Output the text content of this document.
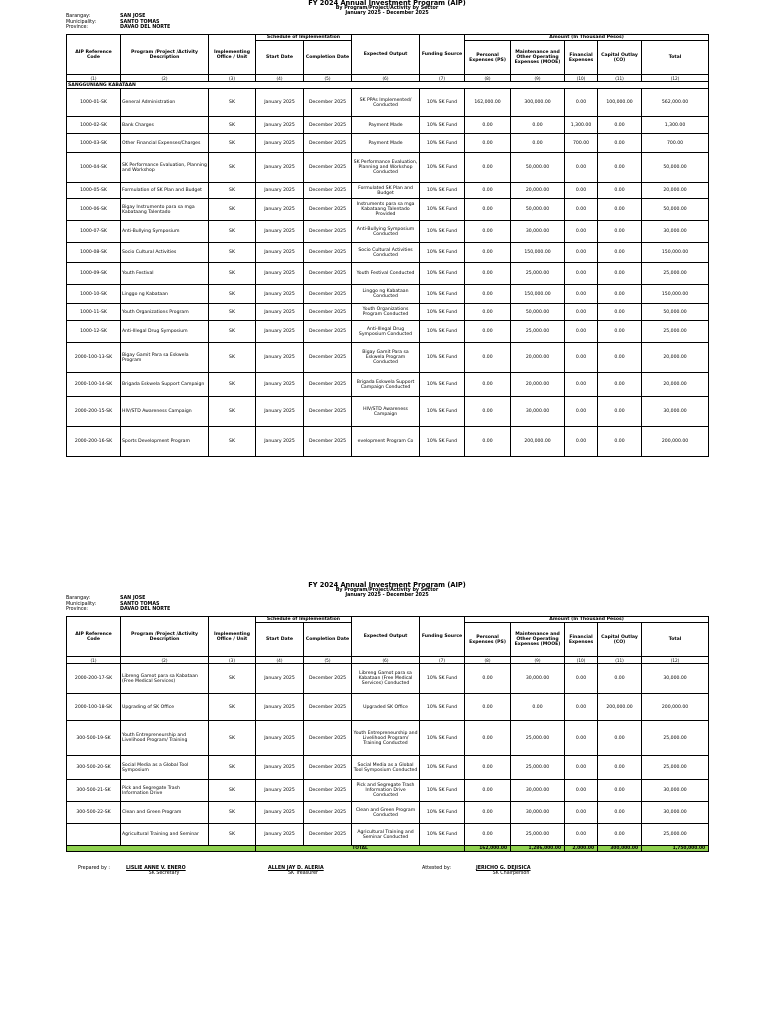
FY 2024 Annual Investment Program (AIP)
By Program/Project/Activity by Sector
January 2025 - December 2025
Barangay:	SAN JOSE
Municipality:	SANTO TOMAS
Province:	DAVAO DEL NORTE
AIP Reference Code	Program /Project /Activity Description	Implementing Office / Unit	Schedule of Implementation		Expected Output	Funding Source	Amount (In Thousand Pesos)				
			Start Date	Completion Date			Personal Expenses (PS)	Maintenance and Other Operating Expenses (MOOE)	Financial Expenses	Capital Outlay (CO)	Total
(1)	(2)	(3)	(4)	(5)	(6)	(7)	(8)	(9)	(10)	(11)	(12)
SANGGUNIANG KABATAAN											
1000-01-SK	General Administration	SK	January 2025	December 2025	SK PPAs Implemented/ Conducted	10% SK Fund	162,000.00	300,000.00	0.00	100,000.00	562,000.00
1000-02-SK	Bank Charges	SK	January 2025	December 2025	Payment Made	10% SK Fund	0.00	0.00	1,300.00	0.00	1,300.00
1000-03-SK	Other Financial Expenses/Charges	SK	January 2025	December 2025	Payment Made	10% SK Fund	0.00	0.00	700.00	0.00	700.00
1000-04-SK	SK Performance Evaluation, Planning and Workshop	SK	January 2025	December 2025	SK Performance Evaluation, Planning and Workshop Conducted	10% SK Fund	0.00	50,000.00	0.00	0.00	50,000.00
1000-05-SK	Formulation of SK Plan and Budget	SK	January 2025	December 2025	Formulated SK Plan and Budget	10% SK Fund	0.00	20,000.00	0.00	0.00	20,000.00
1000-06-SK	Bigay Instrumento para sa mga Kabataang Talentado	SK	January 2025	December 2025	Instruments para sa mga Kabataang Talentado Provided	10% SK Fund	0.00	50,000.00	0.00	0.00	50,000.00
1000-07-SK	Anti-Bullying Symposium	SK	January 2025	December 2025	Anti-Bullying Symposium Conducted	10% SK Fund	0.00	30,000.00	0.00	0.00	30,000.00
1000-08-SK	Socio Cultural Activities	SK	January 2025	December 2025	Socio Cultural Activities Conducted	10% SK Fund	0.00	150,000.00	0.00	0.00	150,000.00
1000-09-SK	Youth Festival	SK	January 2025	December 2025	Youth Festival Conducted	10% SK Fund	0.00	25,000.00	0.00	0.00	25,000.00
1000-10-SK	Linggo ng Kabataan	SK	January 2025	December 2025	Linggo ng Kabataan Conducted	10% SK Fund	0.00	150,000.00	0.00	0.00	150,000.00
1000-11-SK	Youth Organizations Program	SK	January 2025	December 2025	Youth Organizations Program Conducted	10% SK Fund	0.00	50,000.00	0.00	0.00	50,000.00
1000-12-SK	Anti-Illegal Drug Symposium	SK	January 2025	December 2025	Anti-Illegal Drug Symposium Conducted	10% SK Fund	0.00	25,000.00	0.00	0.00	25,000.00
2000-100-13-SK	Bigay Gamit Para sa Eskwela Program	SK	January 2025	December 2025	Bigay Gamit Para sa Eskwela Program Conducted	10% SK Fund	0.00	20,000.00	0.00	0.00	20,000.00
2000-100-14-SK	Brigada Eskwela Support Campaign	SK	January 2025	December 2025	Brigada Eskwela Support Campaign Conducted	10% SK Fund	0.00	20,000.00	0.00	0.00	20,000.00
2000-200-15-SK	HIV/STD Awareness Campaign	SK	January 2025	December 2025	HIV/STD Awareness Campaign	10% SK Fund	0.00	30,000.00	0.00	0.00	30,000.00
2000-200-16-SK	Sports Development Program	SK	January 2025	December 2025	evelopment Program Co	10% SK Fund	0.00	200,000.00	0.00	0.00	200,000.00
FY 2024 Annual Investment Program (AIP)
By Program/Project/Activity by Sector
January 2025 - December 2025
Barangay:	SAN JOSE
Municipality:	SANTO TOMAS
Province:	DAVAO DEL NORTE
AIP Reference Code	Program /Project /Activity Description	Implementing Office / Unit	Schedule of Implementation		Expected Output	Funding Source	Amount (In Thousand Pesos)				
			Start Date	Completion Date			Personal Expenses (PS)	Maintenance and Other Operating Expenses (MOOE)	Financial Expenses	Capital Outlay (CO)	Total
(1)	(2)	(3)	(4)	(5)	(6)	(7)	(8)	(9)	(10)	(11)	(12)
2000-200-17-SK	Libreng Gamot para sa Kabataan (Free Medical Services)	SK	January 2025	December 2025	Libreng Gamot para sa Kabataan (Free Medical Services) Conducted	10% SK Fund	0.00	30,000.00	0.00	0.00	30,000.00
2000-100-18-SK	Upgrading of SK Office	SK	January 2025	December 2025	Upgraded SK Office	10% SK Fund	0.00	0.00	0.00	200,000.00	200,000.00
300-500-19-SK	Youth Entrepreneurship and Livelihood Program/ Training	SK	January 2025	December 2025	Youth Entrepreneurship and Livelihood Program/ Training Conducted	10% SK Fund	0.00	25,000.00	0.00	0.00	25,000.00
300-500-20-SK	Social Media as a Global Tool Symposium	SK	January 2025	December 2025	Social Media as a Global Tool Symposium Conducted	10% SK Fund	0.00	25,000.00	0.00	0.00	25,000.00
300-500-21-SK	Pick and Segregate Trash Information Drive	SK	January 2025	December 2025	Pick and Segregate Trash Information Drive Conducted	10% SK Fund	0.00	30,000.00	0.00	0.00	30,000.00
300-500-22-SK	Clean and Green Program	SK	January 2025	December 2025	Clean and Green Program Conducted	10% SK Fund	0.00	30,000.00	0.00	0.00	30,000.00
	Agricultural Training and Seminar	SK	January 2025	December 2025	Agricultural Training and Seminar Conducted	10% SK Fund	0.00	25,000.00	0.00	0.00	25,000.00
			TOTAL				162,000.00	1,286,000.00	2,000.00	300,000.00	1,750,000.00
Prepared by :	LISLIE ANNE V. ENERO
SK Secretary
ALLEN JAY D. ALERIA
SK Treasurer
Attested by:	JERICHO G. DEJISICA
SK Chairperson
